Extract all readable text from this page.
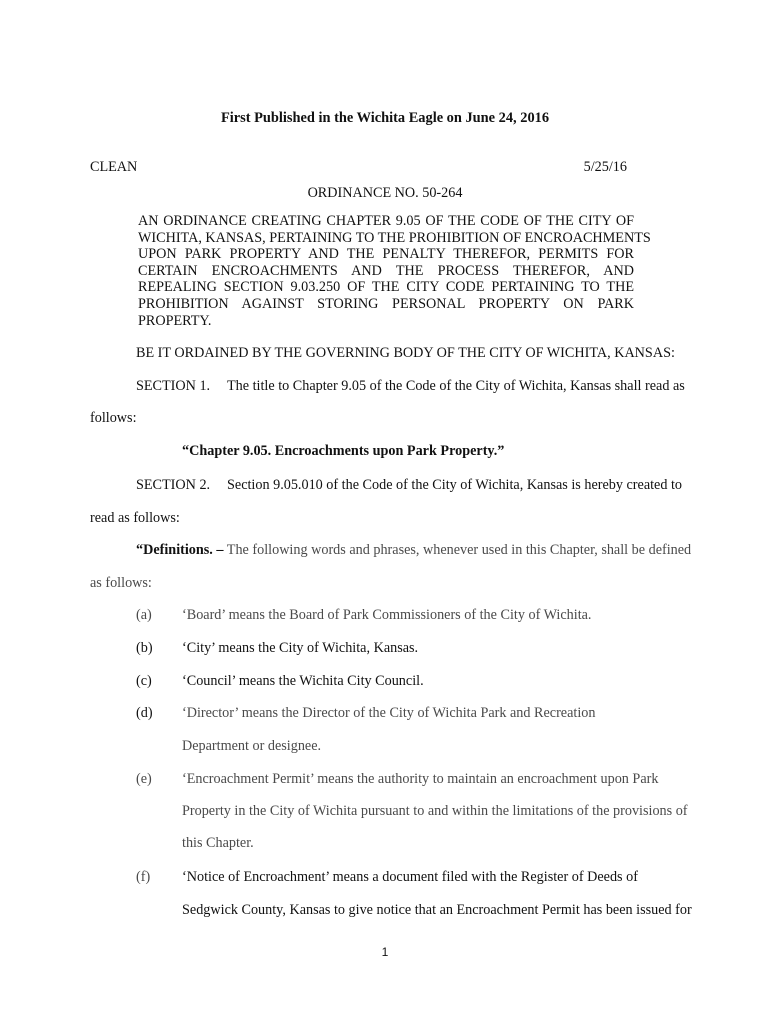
First Published in the Wichita Eagle on June 24, 2016
CLEAN	5/25/16
ORDINANCE NO. 50-264
AN ORDINANCE CREATING CHAPTER 9.05 OF THE CODE OF THE CITY OF
WICHITA, KANSAS, PERTAINING TO THE PROHIBITION OF ENCROACHMENTS
UPON PARK PROPERTY AND THE PENALTY THEREFOR, PERMITS FOR
CERTAIN ENCROACHMENTS AND THE PROCESS THEREFOR, AND
REPEALING SECTION 9.03.250 OF THE CITY CODE PERTAINING TO THE
PROHIBITION AGAINST STORING PERSONAL PROPERTY ON PARK
PROPERTY.
BE IT ORDAINED BY THE GOVERNING BODY OF THE CITY OF WICHITA, KANSAS:
SECTION 1. The title to Chapter 9.05 of the Code of the City of Wichita, Kansas shall read as
follows:
“Chapter 9.05. Encroachments upon Park Property.”
SECTION 2. Section 9.05.010 of the Code of the City of Wichita, Kansas is hereby created to
read as follows:
“Definitions. – The following words and phrases, whenever used in this Chapter, shall be defined
as follows:
(a) ‘Board’ means the Board of Park Commissioners of the City of Wichita.
(b) ‘City’ means the City of Wichita, Kansas.
(c) ‘Council’ means the Wichita City Council.
(d) ‘Director’ means the Director of the City of Wichita Park and Recreation
Department or designee.
(e) ‘Encroachment Permit’ means the authority to maintain an encroachment upon Park
Property in the City of Wichita pursuant to and within the limitations of the provisions of
this Chapter.
(f) ‘Notice of Encroachment’ means a document filed with the Register of Deeds of
Sedgwick County, Kansas to give notice that an Encroachment Permit has been issued for
1
